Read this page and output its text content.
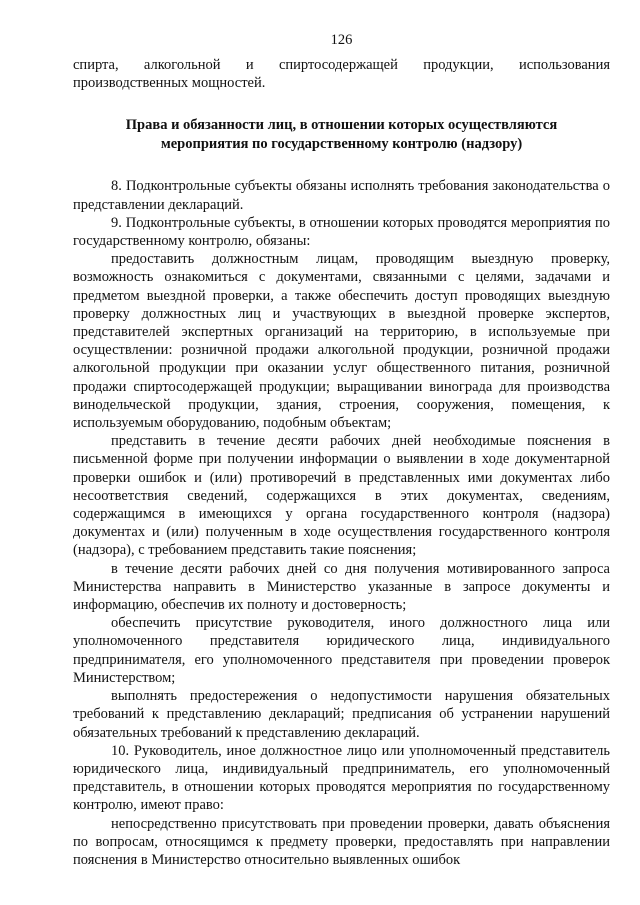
126

спирта, алкогольной и спиртосодержащей продукции, использования производственных мощностей.

Права и обязанности лиц, в отношении которых осуществляются
мероприятия по государственному контролю (надзору)

8. Подконтрольные субъекты обязаны исполнять требования законодательства о представлении деклараций.

9. Подконтрольные субъекты, в отношении которых проводятся мероприятия по государственному контролю, обязаны:

предоставить должностным лицам, проводящим выездную проверку, возможность ознакомиться с документами, связанными с целями, задачами и предметом выездной проверки, а также обеспечить доступ проводящих выездную проверку должностных лиц и участвующих в выездной проверке экспертов, представителей экспертных организаций на территорию, в используемые при осуществлении: розничной продажи алкогольной продукции, розничной продажи алкогольной продукции при оказании услуг общественного питания, розничной продажи спиртосодержащей продукции; выращивании винограда для производства винодельческой продукции, здания, строения, сооружения, помещения, к используемым оборудованию, подобным объектам;

представить в течение десяти рабочих дней необходимые пояснения в письменной форме при получении информации о выявлении в ходе документарной проверки ошибок и (или) противоречий в представленных ими документах либо несоответствия сведений, содержащихся в этих документах, сведениям, содержащимся в имеющихся у органа государственного контроля (надзора) документах и (или) полученным в ходе осуществления государственного контроля (надзора), с требованием представить такие пояснения;

в течение десяти рабочих дней со дня получения мотивированного запроса Министерства направить в Министерство указанные в запросе документы и информацию, обеспечив их полноту и достоверность;

обеспечить присутствие руководителя, иного должностного лица или уполномоченного представителя юридического лица, индивидуального предпринимателя, его уполномоченного представителя при проведении проверок Министерством;

выполнять предостережения о недопустимости нарушения обязательных требований к представлению деклараций; предписания об устранении нарушений обязательных требований к представлению деклараций.

10. Руководитель, иное должностное лицо или уполномоченный представитель юридического лица, индивидуальный предприниматель, его уполномоченный представитель, в отношении которых проводятся мероприятия по государственному контролю, имеют право:

непосредственно присутствовать при проведении проверки, давать объяснения по вопросам, относящимся к предмету проверки, предоставлять при направлении пояснения в Министерство относительно выявленных ошибок
